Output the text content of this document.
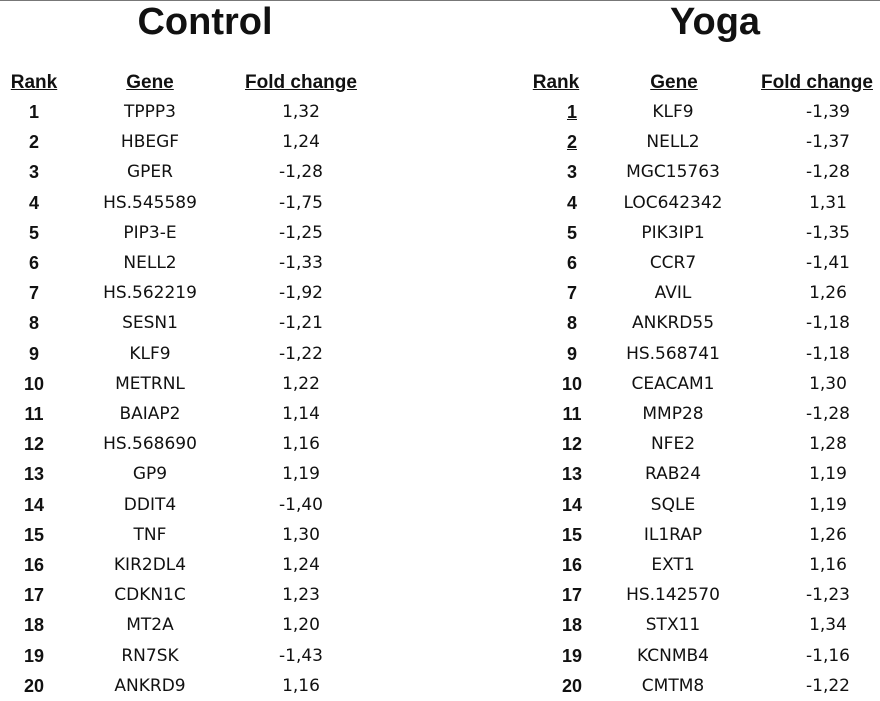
Control
Rank	Gene	Fold change
1	TPPP3	1,32
2	HBEGF	1,24
3	GPER	-1,28
4	HS.545589	-1,75
5	PIP3-E	-1,25
6	NELL2	-1,33
7	HS.562219	-1,92
8	SESN1	-1,21
9	KLF9	-1,22
10	METRNL	1,22
11	BAIAP2	1,14
12	HS.568690	1,16
13	GP9	1,19
14	DDIT4	-1,40
15	TNF	1,30
16	KIR2DL4	1,24
17	CDKN1C	1,23
18	MT2A	1,20
19	RN7SK	-1,43
20	ANKRD9	1,16
Yoga
Rank	Gene	Fold change
1	KLF9	-1,39
2	NELL2	-1,37
3	MGC15763	-1,28
4	LOC642342	1,31
5	PIK3IP1	-1,35
6	CCR7	-1,41
7	AVIL	1,26
8	ANKRD55	-1,18
9	HS.568741	-1,18
10	CEACAM1	1,30
11	MMP28	-1,28
12	NFE2	1,28
13	RAB24	1,19
14	SQLE	1,19
15	IL1RAP	1,26
16	EXT1	1,16
17	HS.142570	-1,23
18	STX11	1,34
19	KCNMB4	-1,16
20	CMTM8	-1,22
